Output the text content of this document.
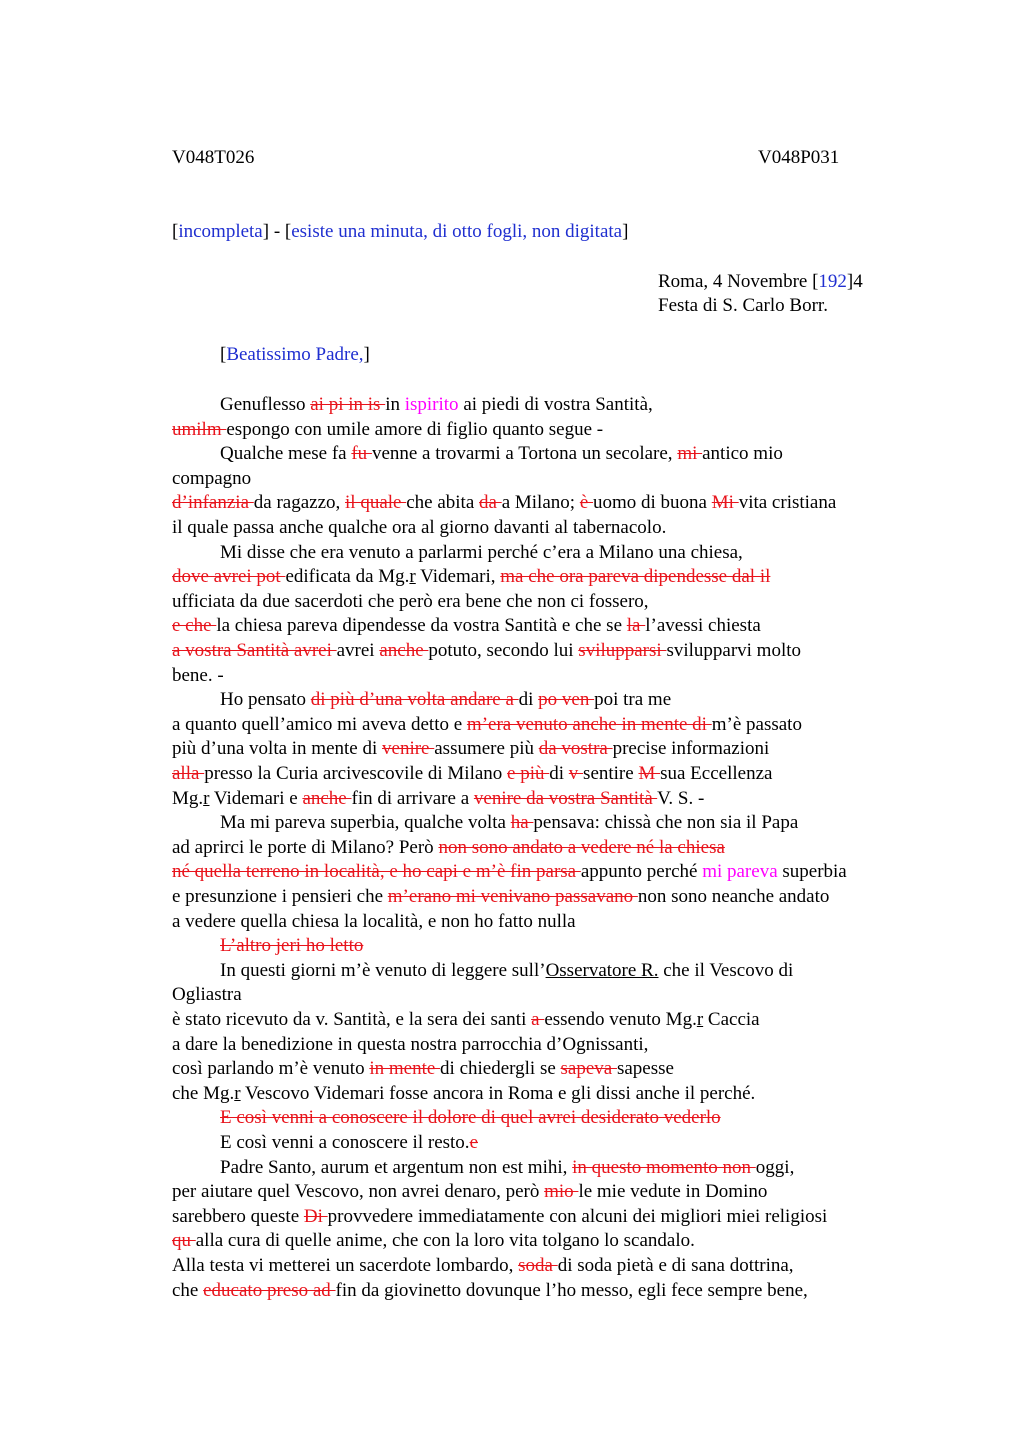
V048T026	V048P031
[incompleta] - [esiste una minuta, di otto fogli, non digitata]
Roma, 4 Novembre [192]4
Festa di S. Carlo Borr.
[Beatissimo Padre,]
Genuflesso ai pi in is in ispirito ai piedi di vostra Santità,
umilm espongo con umile amore di figlio quanto segue -
Qualche mese fa fu venne a trovarmi a Tortona un secolare, mi antico mio
compagno
d’infanzia da ragazzo, il quale che abita da a Milano; è uomo di buona Mi vita cristiana
il quale passa anche qualche ora al giorno davanti al tabernacolo.
Mi disse che era venuto a parlarmi perché c’era a Milano una chiesa,
dove avrei pot edificata da Mg.r Videmari, ma che ora pareva dipendesse dal il
ufficiata da due sacerdoti che però era bene che non ci fossero,
e che la chiesa pareva dipendesse da vostra Santità e che se la l’avessi chiesta
a vostra Santità avrei avrei anche potuto, secondo lui svilupparsi svilupparvi molto
bene. -
Ho pensato di più d’una volta andare a di po ven poi tra me
a quanto quell’amico mi aveva detto e m’era venuto anche in mente di m’è passato
più d’una volta in mente di venire assumere più da vostra precise informazioni
alla presso la Curia arcivescovile di Milano e più di v sentire M sua Eccellenza
Mg.r Videmari e anche fin di arrivare a venire da vostra Santità V. S. -
Ma mi pareva superbia, qualche volta ha pensava: chissà che non sia il Papa
ad aprirci le porte di Milano? Però non sono andato a vedere né la chiesa
né quella terreno in località, e ho capi e m’è fin parsa appunto perché mi pareva superbia
e presunzione i pensieri che m’erano mi venivano passavano non sono neanche andato
a vedere quella chiesa la località, e non ho fatto nulla
L’altro jeri ho letto
In questi giorni m’è venuto di leggere sull’Osservatore R. che il Vescovo di
Ogliastra
è stato ricevuto da v. Santità, e la sera dei santi a essendo venuto Mg.r Caccia
a dare la benedizione in questa nostra parrocchia d’Ognissanti,
così parlando m’è venuto in mente di chiedergli se sapeva sapesse
che Mg.r Vescovo Videmari fosse ancora in Roma e gli dissi anche il perché.
E così venni a conoscere il dolore di quel avrei desiderato vederlo
E così venni a conoscere il resto.e
Padre Santo, aurum et argentum non est mihi, in questo momento non oggi,
per aiutare quel Vescovo, non avrei denaro, però mio le mie vedute in Domino
sarebbero queste Di provvedere immediatamente con alcuni dei migliori miei religiosi
qu alla cura di quelle anime, che con la loro vita tolgano lo scandalo.
Alla testa vi metterei un sacerdote lombardo, soda di soda pietà e di sana dottrina,
che educato preso ad fin da giovinetto dovunque l’ho messo, egli fece sempre bene,
